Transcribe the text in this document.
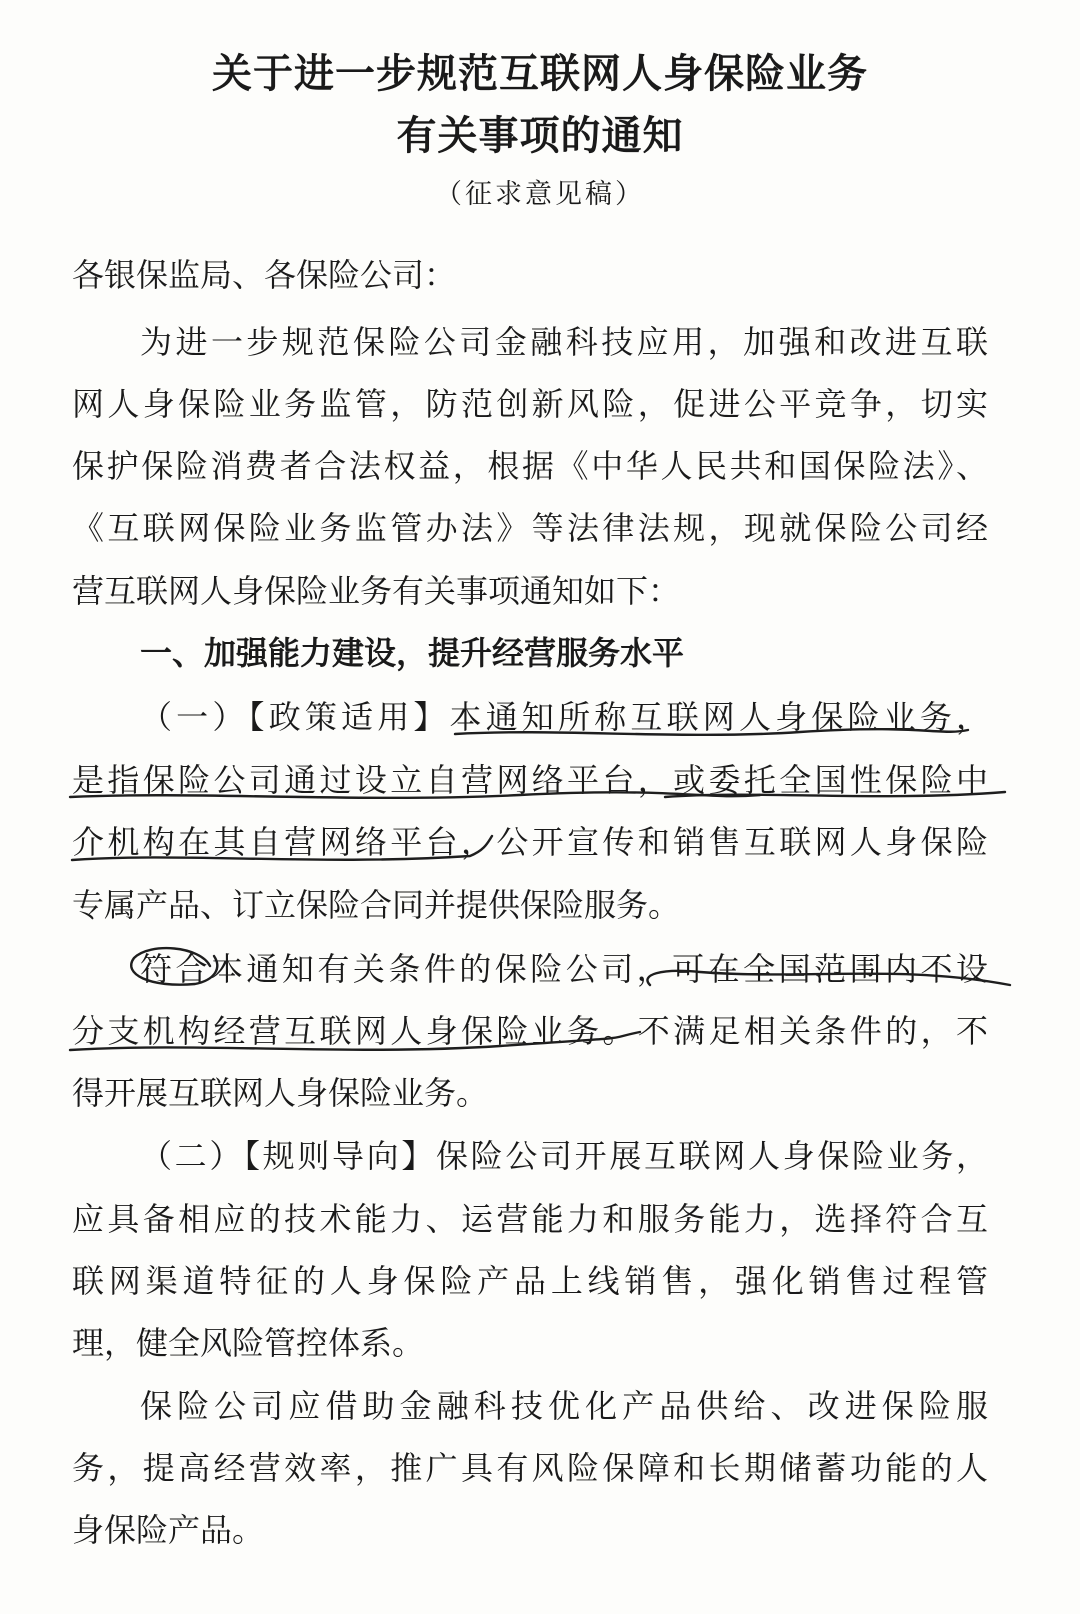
关于进一步规范互联网人身保险业务
有关事项的通知
（征求意见稿）
各银保监局、各保险公司：
为进一步规范保险公司金融科技应用，加强和改进互联
网人身保险业务监管，防范创新风险，促进公平竞争，切实
保护保险消费者合法权益，根据《中华人民共和国保险法》、
《互联网保险业务监管办法》等法律法规，现就保险公司经
营互联网人身保险业务有关事项通知如下：
一、加强能力建设，提升经营服务水平
（一）【政策适用】本通知所称互联网人身保险业务，
是指保险公司通过设立自营网络平台，或委托全国性保险中
介机构在其自营网络平台，公开宣传和销售互联网人身保险
专属产品、订立保险合同并提供保险服务。
符合本通知有关条件的保险公司，可在全国范围内不设
分支机构经营互联网人身保险业务。不满足相关条件的，不
得开展互联网人身保险业务。
（二）【规则导向】保险公司开展互联网人身保险业务，
应具备相应的技术能力、运营能力和服务能力，选择符合互
联网渠道特征的人身保险产品上线销售，强化销售过程管
理，健全风险管控体系。
保险公司应借助金融科技优化产品供给、改进保险服
务，提高经营效率，推广具有风险保障和长期储蓄功能的人
身保险产品。
